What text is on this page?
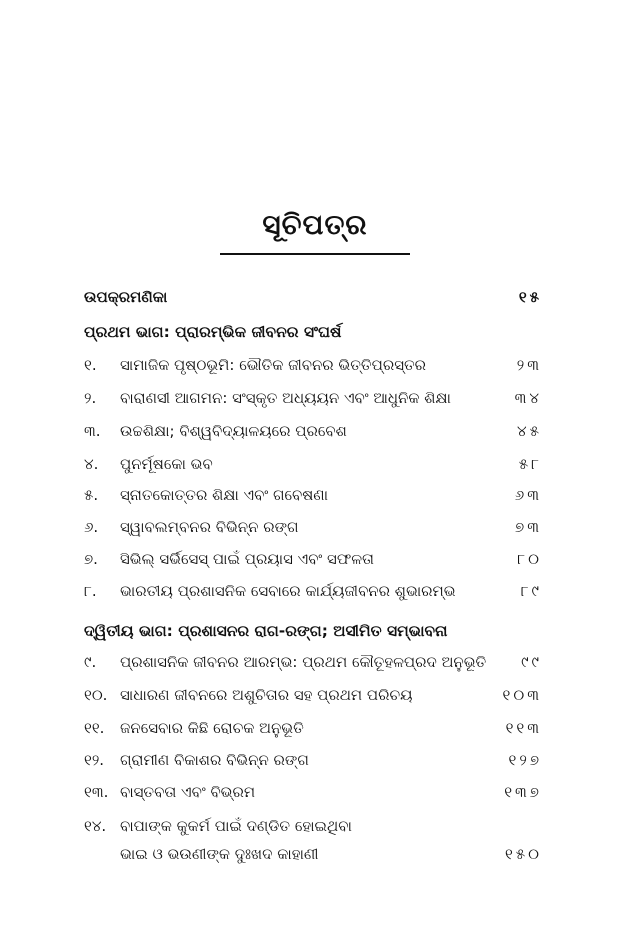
ସୂଚିପତ୍ର
ଉପକ୍ରମଣିକା	୧୫
ପ୍ରଥମ ଭାଗ: ପ୍ରାରମ୍ଭିକ ଜୀବନର ସଂଘର୍ଷ
୧. ସାମାଜିକ ପୃଷ୍ଠଭୂମି: ଭୌତିକ ଜୀବନର ଭିତ୍ତିପ୍ରସ୍ତର	୨୩
୨. ବାରାଣସୀ ଆଗମନ: ସଂସ୍କୃତ ଅଧ୍ୟୟନ ଏବଂ ଆଧୁନିକ ଶିକ୍ଷା	୩୪
୩. ଉଚ୍ଚଶିକ୍ଷା; ବିଶ୍ୱବିଦ୍ୟାଳୟରେ ପ୍ରବେଶ	୪୫
୪. ପୁନର୍ମୂଷକୋ ଭବ	୫୮
୫. ସ୍ନାତକୋତ୍ତର ଶିକ୍ଷା ଏବଂ ଗବେଷଣା	୬୩
୬. ସ୍ୱାବଲମ୍ବନର ବିଭିନ୍ନ ରଙ୍ଗ	୭୩
୭. ସିଭିଲ୍ ସର୍ଭିସେସ୍ ପାଇଁ ପ୍ରୟାସ ଏବଂ ସଫଳତା	୮୦
୮. ଭାରତୀୟ ପ୍ରଶାସନିକ ସେବାରେ କାର୍ଯ୍ୟଜୀବନର ଶୁଭାରମ୍ଭ	୮୯
ଦ୍ୱିତୀୟ ଭାଗ: ପ୍ରଶାସନର ରାଗ-ରଙ୍ଗ; ଅସୀମିତ ସମ୍ଭାବନା
୯. ପ୍ରଶାସନିକ ଜୀବନର ଆରମ୍ଭ: ପ୍ରଥମ କୌତୂହଳପ୍ରଦ ଅନୁଭୂତି ୯୯
୧୦. ସାଧାରଣ ଜୀବନରେ ଅଶୁଚିତାର ସହ ପ୍ରଥମ ପରିଚୟ	୧୦୩
୧୧. ଜନସେବାର କିଛି ରୋଚକ ଅନୁଭୂତି	୧୧୩
୧୨. ଗ୍ରାମୀଣ ବିକାଶର ବିଭିନ୍ନ ରଙ୍ଗ	୧୨୭
୧୩. ବାସ୍ତବତା ଏବଂ ବିଭ୍ରମ	୧୩୭
୧୪. ବାପାଙ୍କ କୁକର୍ମ ପାଇଁ ଦଣ୍ଡିତ ହୋଇଥିବା
ଭାଇ ଓ ଭଉଣୀଙ୍କ ଦୁଃଖଦ କାହାଣୀ	୧୫୦
